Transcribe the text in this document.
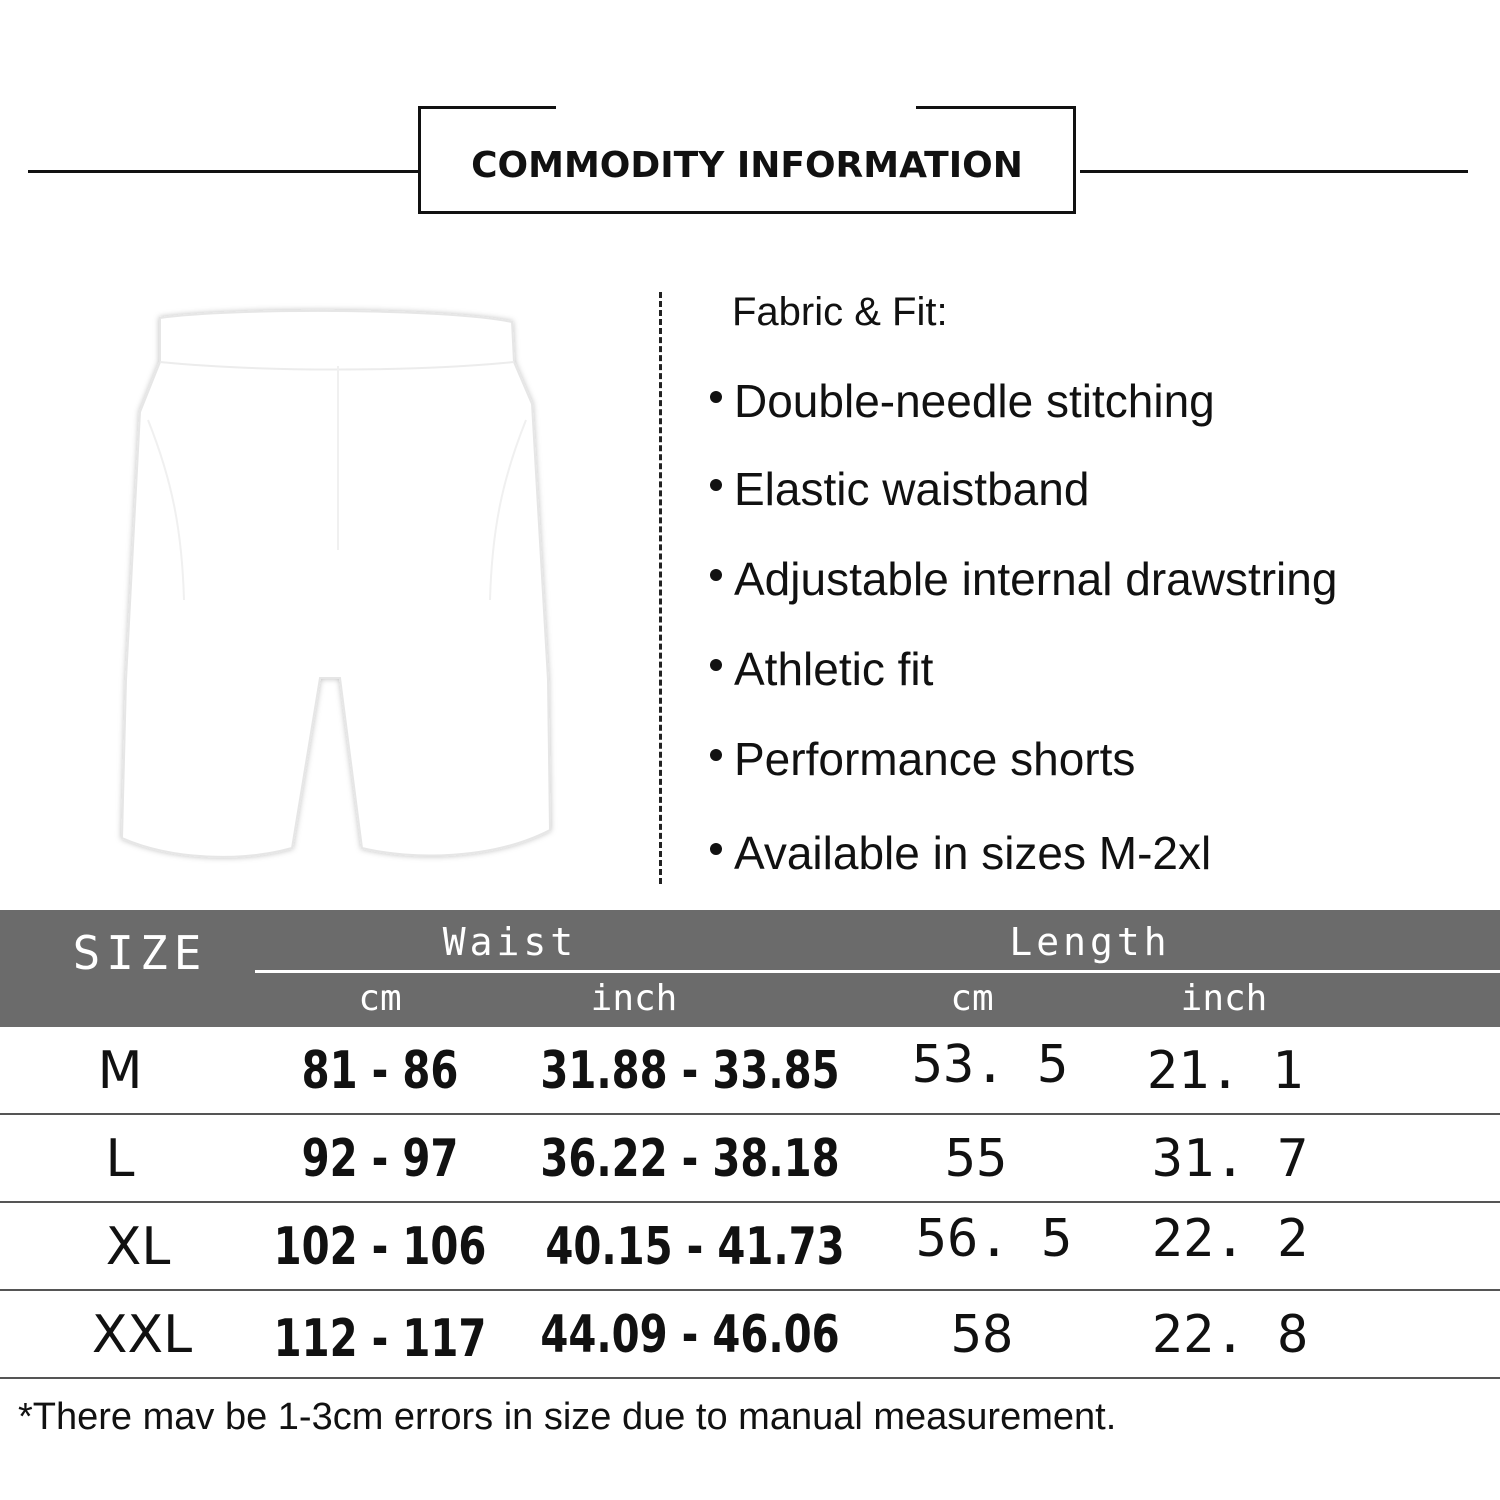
COMMODITY INFORMATION
Fabric & Fit:
Double-needle stitching
Elastic waistband
Adjustable internal drawstring
Athletic fit
Performance shorts
Available in sizes M-2xl
SIZE	Waist	Length
cm	inch	cm	inch
M	81 - 86	31.88 - 33.85	53. 5	21. 1
L	92 - 97	36.22 - 38.18	55	31. 7
XL	102 - 106	40.15 - 41.73	56. 5	22. 2
XXL	112 - 117	44.09 - 46.06	58	22. 8
*There mav be 1-3cm errors in size due to manual measurement.
